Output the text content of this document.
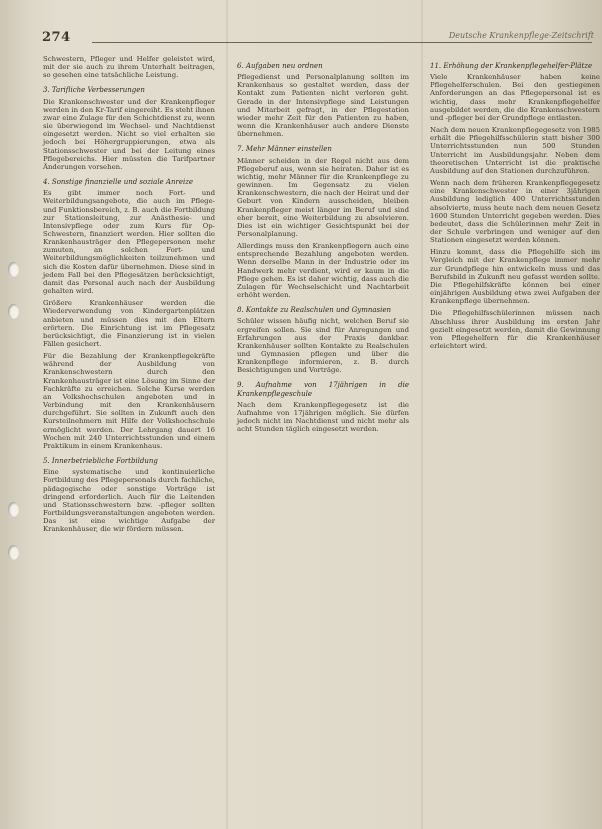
274	Deutsche Krankenpflege-Zeitschrift

Schwestern, Pfleger und Helfer geleistet wird, mit der sie auch zu ihrem Unterhalt beitragen, so gesehen eine tatsächliche Leistung.

3. Tarifliche Verbesserungen

Die Krankenschwester und der Krankenpfleger werden in den Kr-Tarif eingereiht. Es steht ihnen zwar eine Zulage für den Schichtdienst zu, wenn sie überwiegend im Wechsel- und Nachtdienst eingesetzt werden. Nicht so viel erhalten sie jedoch bei Höhergruppierungen, etwa als Stationsschwester und bei der Leitung eines Pflegebereichs. Hier müssten die Tarifpartner Änderungen vorsehen.

4. Sonstige finanzielle und soziale Anreize

Es gibt immer noch Fort- und Weiterbildungsangebote, die auch im Pflege- und Funktionsbereich, z. B. auch die Fortbildung zur Stationsleitung, zur Anästhesie- und Intensivpflege oder zum Kurs für Op-Schwestern, finanziert werden. Hier sollten die Krankenhausträger den Pflegepersonen mehr zumuten, an solchen Fort- und Weiterbildungsmöglichkeiten teilzunehmen und sich die Kosten dafür übernehmen. Diese sind in jedem Fall bei den Pflegesätzen berücksichtigt, damit das Personal auch nach der Ausbildung gehalten wird.

Größere Krankenhäuser werden die Wiederverwendung von Kindergartenplätzen anbieten und müssen dies mit den Eltern erörtern. Die Einrichtung ist im Pflegesatz berücksichtigt, die Finanzierung ist in vielen Fällen gesichert.

Für die Bezahlung der Krankenpflegekräfte während der Ausbildung von Krankenschwestern durch den Krankenhausträger ist eine Lösung im Sinne der Fachkräfte zu erreichen. Solche Kurse werden an Volkshochschulen angeboten und in Verbindung mit den Krankenhäusern durchgeführt. Sie sollten in Zukunft auch den Kursteilnehmern mit Hilfe der Volkshochschule ermöglicht werden. Der Lehrgang dauert 16 Wochen mit 240 Unterrichtsstunden und einem Praktikum in einem Krankenhaus.

5. Innerbetriebliche Fortbildung

Eine systematische und kontinuierliche Fortbildung des Pflegepersonals durch fachliche, pädagogische oder sonstige Vorträge ist dringend erforderlich. Auch für die Leitenden und Stationsschwestern bzw. -pfleger sollten Fortbildungsveranstaltungen angeboten werden. Das ist eine wichtige Aufgabe der Krankenhäuser, die wir fördern müssen.

6. Aufgaben neu ordnen

Pflegedienst und Personalplanung sollten im Krankenhaus so gestaltet werden, dass der Kontakt zum Patienten nicht verloren geht. Gerade in der Intensivpflege sind Leistungen und Mitarbeit gefragt, in der Pflegestation wieder mehr Zeit für den Patienten zu haben, wenn die Krankenhäuser auch andere Dienste übernehmen.

7. Mehr Männer einstellen

Männer scheiden in der Regel nicht aus dem Pflegeberuf aus, wenn sie heiraten. Daher ist es wichtig, mehr Männer für die Krankenpflege zu gewinnen. Im Gegensatz zu vielen Krankenschwestern, die nach der Heirat und der Geburt von Kindern ausscheiden, bleiben Krankenpfleger meist länger im Beruf und sind eher bereit, eine Weiterbildung zu absolvieren. Dies ist ein wichtiger Gesichtspunkt bei der Personalplanung.

Allerdings muss den Krankenpflegern auch eine entsprechende Bezahlung angeboten werden. Wenn derselbe Mann in der Industrie oder im Handwerk mehr verdient, wird er kaum in die Pflege gehen. Es ist daher wichtig, dass auch die Zulagen für Wechselschicht und Nachtarbeit erhöht werden.

8. Kontakte zu Realschulen und Gymnasien

Schüler wissen häufig nicht, welchen Beruf sie ergreifen sollen. Sie sind für Anregungen und Erfahrungen aus der Praxis dankbar. Krankenhäuser sollten Kontakte zu Realschulen und Gymnasien pflegen und über die Krankenpflege informieren, z. B. durch Besichtigungen und Vorträge.

9. Aufnahme von 17jährigen in die Krankenpflegeschule

Nach dem Krankenpflegegesetz ist die Aufnahme von 17jährigen möglich. Sie dürfen jedoch nicht im Nachtdienst und nicht mehr als acht Stunden täglich eingesetzt werden.

11. Erhöhung der Krankenpflegehelfer-Plätze

Viele Krankenhäuser haben keine Pflegehelferschulen. Bei den gestiegenen Anforderungen an das Pflegepersonal ist es wichtig, dass mehr Krankenpflegehelfer ausgebildet werden, die die Krankenschwestern und -pfleger bei der Grundpflege entlasten.

Nach dem neuen Krankenpflegegesetz von 1985 erhält die Pflegehilfsschülerin statt bisher 300 Unterrichtsstunden nun 500 Stunden Unterricht im Ausbildungsjahr. Neben dem theoretischen Unterricht ist die praktische Ausbildung auf den Stationen durchzuführen.

Wenn nach dem früheren Krankenpflegegesetz eine Krankenschwester in einer 3jährigen Ausbildung lediglich 400 Unterrichtsstunden absolvierte, muss heute nach dem neuen Gesetz 1600 Stunden Unterricht gegeben werden. Dies bedeutet, dass die Schülerinnen mehr Zeit in der Schule verbringen und weniger auf den Stationen eingesetzt werden können.

Hinzu kommt, dass die Pflegehilfe sich im Vergleich mit der Krankenpflege immer mehr zur Grundpflege hin entwickeln muss und das Berufsbild in Zukunft neu gefasst werden sollte. Die Pflegehilfskräfte können bei einer einjährigen Ausbildung etwa zwei Aufgaben der Krankenpflege übernehmen.

Die Pflegehilfsschülerinnen müssen nach Abschluss ihrer Ausbildung im ersten Jahr gezielt eingesetzt werden, damit die Gewinnung von Pflegehelfern für die Krankenhäuser erleichtert wird.
